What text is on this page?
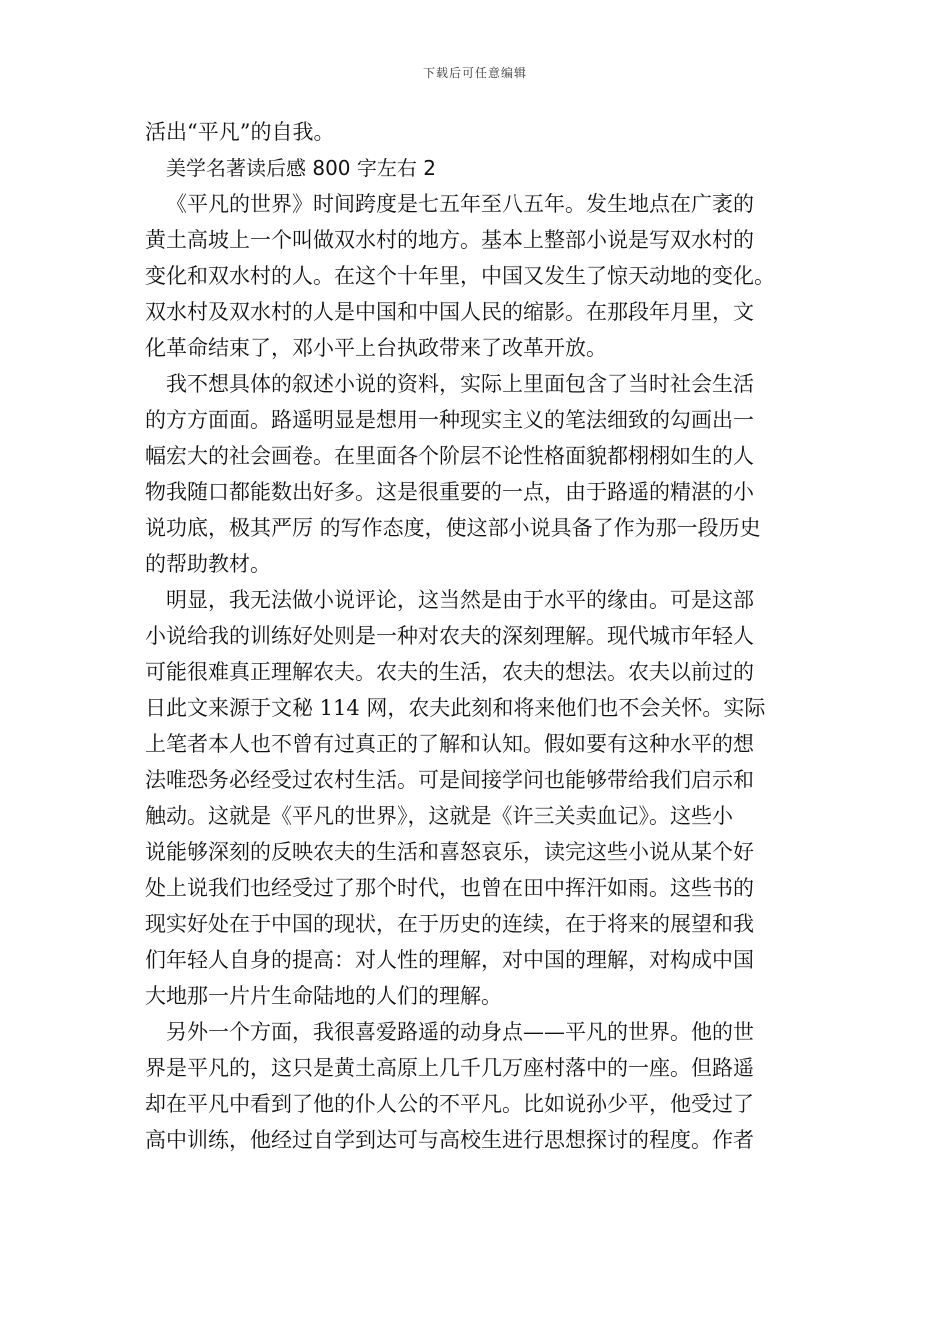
下载后可任意编辑
活出“平凡”的自我。
美学名著读后感 800 字左右 2
《平凡的世界》时间跨度是七五年至八五年。发生地点在广袤的
黄土高坡上一个叫做双水村的地方。基本上整部小说是写双水村的
变化和双水村的人。在这个十年里，中国又发生了惊天动地的变化。
双水村及双水村的人是中国和中国人民的缩影。在那段年月里，文
化革命结束了，邓小平上台执政带来了改革开放。
我不想具体的叙述小说的资料，实际上里面包含了当时社会生活
的方方面面。路遥明显是想用一种现实主义的笔法细致的勾画出一
幅宏大的社会画卷。在里面各个阶层不论性格面貌都栩栩如生的人
物我随口都能数出好多。这是很重要的一点，由于路遥的精湛的小
说功底，极其严厉 的写作态度，使这部小说具备了作为那一段历史
的帮助教材。
明显，我无法做小说评论，这当然是由于水平的缘由。可是这部
小说给我的训练好处则是一种对农夫的深刻理解。现代城市年轻人
可能很难真正理解农夫。农夫的生活，农夫的想法。农夫以前过的
日此文来源于文秘 114 网，农夫此刻和将来他们也不会关怀。实际
上笔者本人也不曾有过真正的了解和认知。假如要有这种水平的想
法唯恐务必经受过农村生活。可是间接学问也能够带给我们启示和
触动。这就是《平凡的世界》，这就是《许三关卖血记》。这些小
说能够深刻的反映农夫的生活和喜怒哀乐，读完这些小说从某个好
处上说我们也经受过了那个时代，也曾在田中挥汗如雨。这些书的
现实好处在于中国的现状，在于历史的连续，在于将来的展望和我
们年轻人自身的提高：对人性的理解，对中国的理解，对构成中国
大地那一片片生命陆地的人们的理解。
另外一个方面，我很喜爱路遥的动身点——平凡的世界。他的世
界是平凡的，这只是黄土高原上几千几万座村落中的一座。但路遥
却在平凡中看到了他的仆人公的不平凡。比如说孙少平，他受过了
高中训练，他经过自学到达可与高校生进行思想探讨的程度。作者
